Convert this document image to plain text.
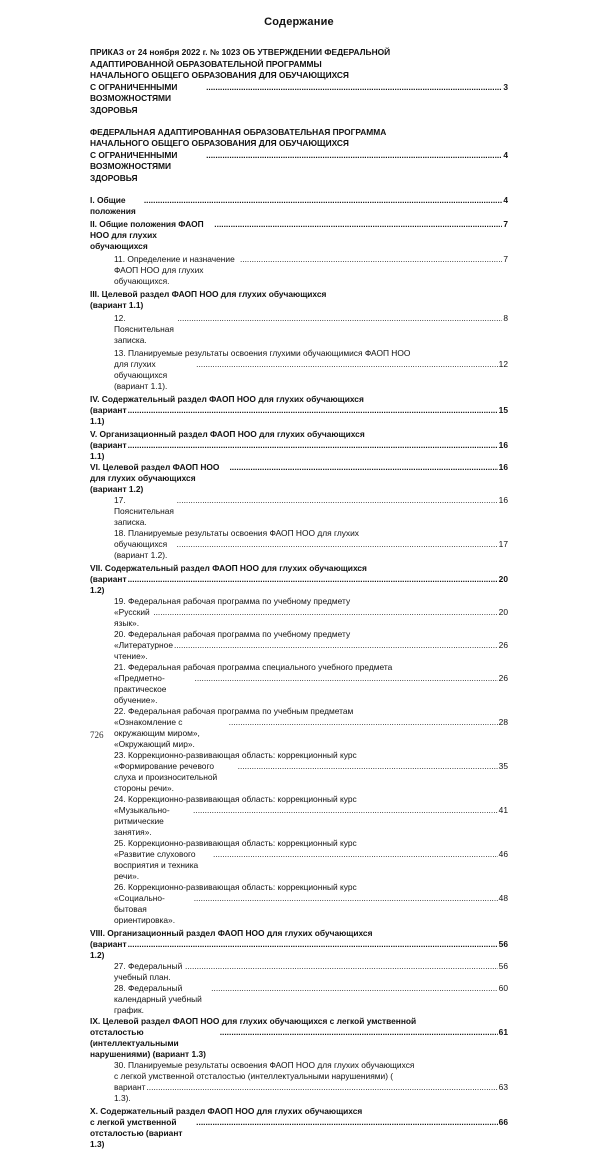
Содержание
ПРИКАЗ от 24 ноября 2022 г. № 1023 ОБ УТВЕРЖДЕНИИ ФЕДЕРАЛЬНОЙ
АДАПТИРОВАННОЙ ОБРАЗОВАТЕЛЬНОЙ ПРОГРАММЫ
НАЧАЛЬНОГО ОБЩЕГО ОБРАЗОВАНИЯ ДЛЯ ОБУЧАЮЩИХСЯ
С ОГРАНИЧЕННЫМИ ВОЗМОЖНОСТЯМИ ЗДОРОВЬЯ
.....
3
ФЕДЕРАЛЬНАЯ АДАПТИРОВАННАЯ ОБРАЗОВАТЕЛЬНАЯ ПРОГРАММА
НАЧАЛЬНОГО ОБЩЕГО ОБРАЗОВАНИЯ ДЛЯ ОБУЧАЮЩИХСЯ
С ОГРАНИЧЕННЫМИ ВОЗМОЖНОСТЯМИ ЗДОРОВЬЯ
.....
4
I. Общие положения
.....
4
II. Общие положения ФАОП НОО для глухих обучающихся
.....
7
11. Определение и назначение ФАОП НОО для глухих обучающихся.
.....
7
III. Целевой раздел ФАОП НОО для глухих обучающихся
(вариант 1.1)
12. Пояснительная записка.
.....
8
13. Планируемые результаты освоения глухими обучающимися ФАОП НОО
для глухих обучающихся (вариант 1.1).
.....
12
IV. Содержательный раздел ФАОП НОО для глухих обучающихся
(вариант 1.1)
.....
15
V. Организационный раздел ФАОП НОО для глухих обучающихся
(вариант 1.1)
.....
16
VI. Целевой раздел ФАОП НОО для глухих обучающихся (вариант 1.2)
.....
16
17. Пояснительная записка.
.....
16
18. Планируемые результаты освоения ФАОП НОО для глухих
обучающихся (вариант 1.2).
.....
17
VII. Содержательный раздел ФАОП НОО для глухих обучающихся
(вариант 1.2)
.....
20
19. Федеральная рабочая программа по учебному предмету
«Русский язык».
.....
20
20. Федеральная рабочая программа по учебному предмету
«Литературное чтение».
.....
26
21. Федеральная рабочая программа специального учебного предмета
«Предметно-практическое обучение».
.....
26
22. Федеральная рабочая программа по учебным предметам
«Ознакомление с окружающим миром», «Окружающий мир».
.....
28
23. Коррекционно-развивающая область: коррекционный курс
«Формирование речевого слуха и произносительной стороны речи».
.....
35
24. Коррекционно-развивающая область: коррекционный курс
«Музыкально-ритмические занятия».
.....
41
25. Коррекционно-развивающая область: коррекционный курс
«Развитие слухового восприятия и техника речи».
.....
46
26. Коррекционно-развивающая область: коррекционный курс
«Социально-бытовая ориентировка».
.....
48
VIII. Организационный раздел ФАОП НОО для глухих обучающихся
(вариант 1.2)
.....
56
27. Федеральный учебный план.
.....
56
28. Федеральный календарный учебный график.
.....
60
IX. Целевой раздел ФАОП НОО для глухих обучающихся с легкой умственной
отсталостью (интеллектуальными нарушениями) (вариант 1.3)
.....
61
30. Планируемые результаты освоения ФАОП НОО для глухих обучающихся
с легкой умственной отсталостью (интеллектуальными нарушениями) (
вариант 1.3).
.....
63
X. Содержательный раздел ФАОП НОО для глухих обучающихся
с легкой умственной отсталостью (вариант 1.3)
.....
66
726
